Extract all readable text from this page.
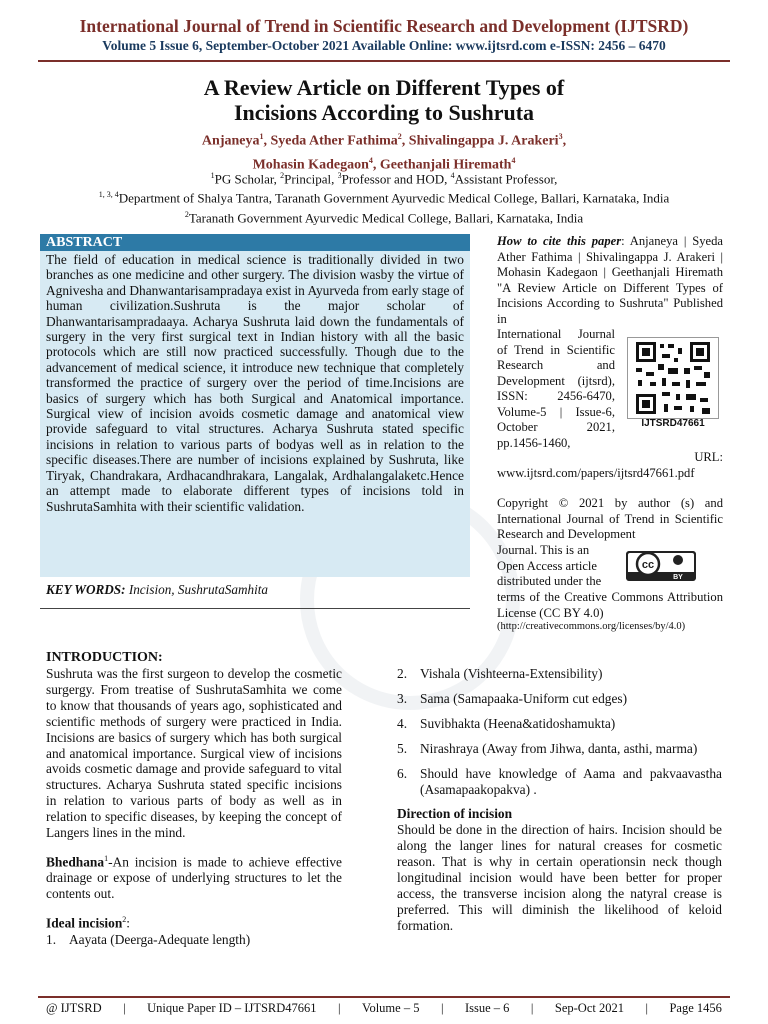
International Journal of Trend in Scientific Research and Development (IJTSRD)
Volume 5 Issue 6, September-October 2021 Available Online: www.ijtsrd.com e-ISSN: 2456 – 6470
A Review Article on Different Types of
Incisions According to Sushruta
Anjaneya$^1$, Syeda Ather Fathima$^2$, Shivalingappa J. Arakeri$^3$,
Mohasin Kadegaon$^4$, Geethanjali Hiremath$^4$
$^1$PG Scholar, $^2$Principal, $^3$Professor and HOD, $^4$Assistant Professor,
$^{1, 3, 4}$Department of Shalya Tantra, Taranath Government Ayurvedic Medical College, Ballari, Karnataka, India
$^2$Taranath Government Ayurvedic Medical College, Ballari, Karnataka, India
ABSTRACT
The field of education in medical science is traditionally divided in two branches as one medicine and other surgery. The division wasby the virtue of Agnivesha and Dhanwantarisampradaya exist in Ayurveda from early stage of human civilization.Sushruta is the major scholar of Dhanwantarisampradaaya. Acharya Sushruta laid down the fundamentals of surgery in the very first surgical text in Indian history with all the basic protocols which are still now practiced successfully. Though due to the advancement of medical science, it introduce new technique that completely transformed the practice of surgery over the period of time.Incisions are basics of surgery which has both Surgical and Anatomical importance. Surgical view of incision avoids cosmetic damage and anatomical view provide safeguard to vital structures. Acharya Sushruta stated specific incisions in relation to various parts of bodyas well as in relation to the specific diseases.There are number of incisions explained by Sushruta, like Tiryak, Chandrakara, Ardhacandhrakara, Langalak, Ardhalangalaketc.Hence an attempt made to elaborate different types of incisions told in SushrutaSamhita with their scientific validation.
KEY WORDS: Incision, SushrutaSamhita
How to cite this paper: Anjaneya | Syeda Ather Fathima | Shivalingappa J. Arakeri | Mohasin Kadegaon | Geethanjali Hiremath "A Review Article on Different Types of Incisions According to Sushruta" Published in
International Journal of Trend in Scientific Research and Development (ijtsrd), ISSN: 2456-6470, Volume-5 | Issue-6, October 2021, pp.1456-1460,
URL:
www.ijtsrd.com/papers/ijtsrd47661.pdf
IJTSRD47661
Copyright © 2021 by author (s) and International Journal of Trend in Scientific Research and Development
Journal. This is an Open Access article distributed under the
cc
BY
terms of the Creative Commons Attribution License (CC BY 4.0)
(http://creativecommons.org/licenses/by/4.0)
INTRODUCTION:
Sushruta was the first surgeon to develop the cosmetic surgergy. From treatise of SushrutaSamhita we come to know that thousands of years ago, sophisticated and scientific methods of surgery were practiced in India. Incisions are basics of surgery which has both surgical and anatomical importance. Surgical view of incisions avoids cosmetic damage and provide safeguard to vital structures. Acharya Sushruta stated specific incisions in relation to various parts of body as well as in relation to specific diseases, by keeping the concept of Langers lines in the mind.
Bhedhana$^1$-An incision is made to achieve effective drainage or expose of underlying structures to let the contents out.
Ideal incision$^2$:
1. Aayata (Deerga-Adequate length)
2. Vishala (Vishteerna-Extensibility)
3. Sama (Samapaaka-Uniform cut edges)
4. Suvibhakta (Heena&atidoshamukta)
5. Nirashraya (Away from Jihwa, danta, asthi, marma)
6. Should have knowledge of Aama and pakvaavastha (Asamapaakopakva) .
Direction of incision
Should be done in the direction of hairs. Incision should be along the langer lines for natural creases for cosmetic reason. That is why in certain operationsin neck though longitudinal incision would have been better for proper access, the transverse incision along the natyral crease is preferred. This will diminish the likelihood of keloid formation.
@ IJTSRD | Unique Paper ID – IJTSRD47661 | Volume – 5 | Issue – 6 | Sep-Oct 2021 | Page 1456
